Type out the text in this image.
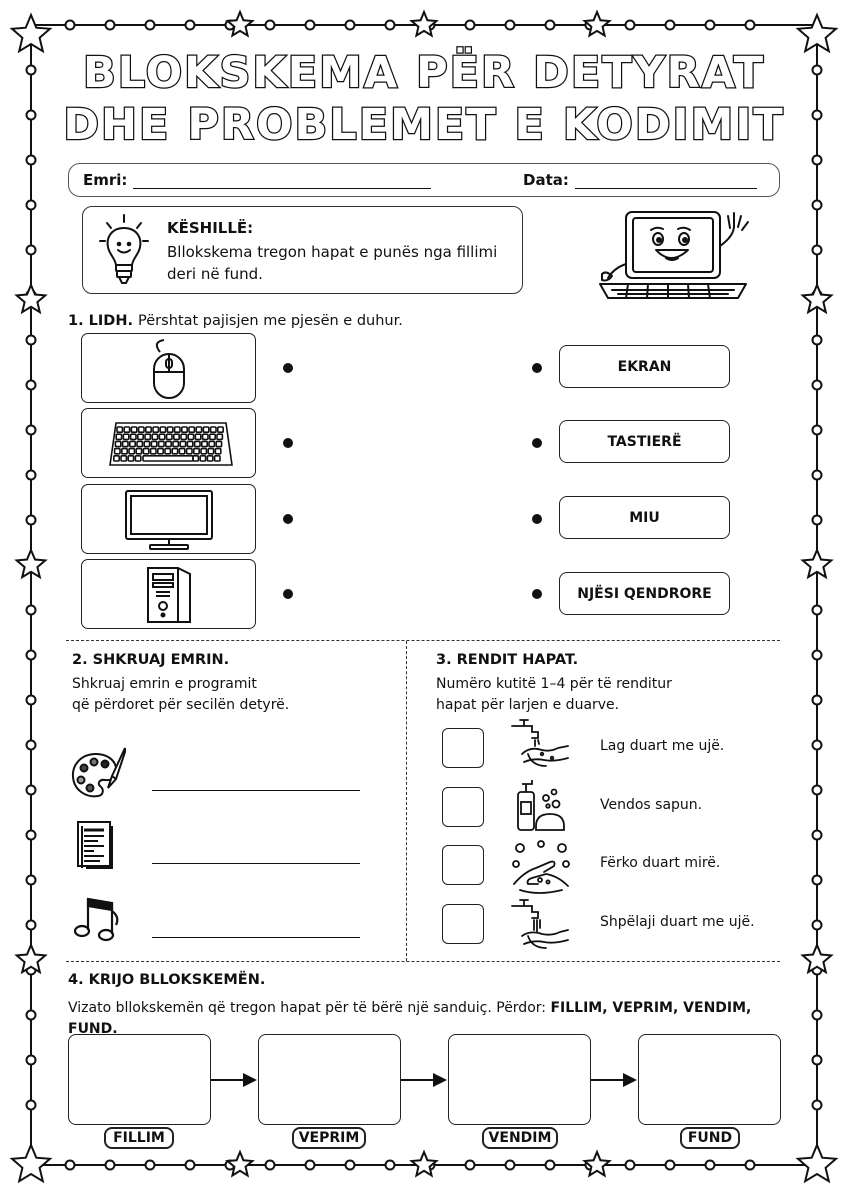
BLOKSKEMA PËR DETYRAT
DHE PROBLEMET E KODIMIT
Emri:	Data:
KËSHILLË:
Bllokskema tregon hapat e punës nga fillimi deri në fund.
1. LIDH. Përshtat pajisjen me pjesën e duhur.
EKRAN
TASTIERË
MIU
NJËSI QENDRORE
2. SHKRUAJ EMRIN.
Shkruaj emrin e programit
që përdoret për secilën detyrë.
3. RENDIT HAPAT.
Numëro kutitë 1–4 për të renditur
hapat për larjen e duarve.
Lag duart me ujë.
Vendos sapun.
Fërko duart mirë.
Shpëlaji duart me ujë.
4. KRIJO BLLOKSKEMËN.
Vizato bllokskemën që tregon hapat për të bërë një sanduiç. Përdor: FILLIM, VEPRIM, VENDIM, FUND.
FILLIM	VEPRIM	VENDIM	FUND
